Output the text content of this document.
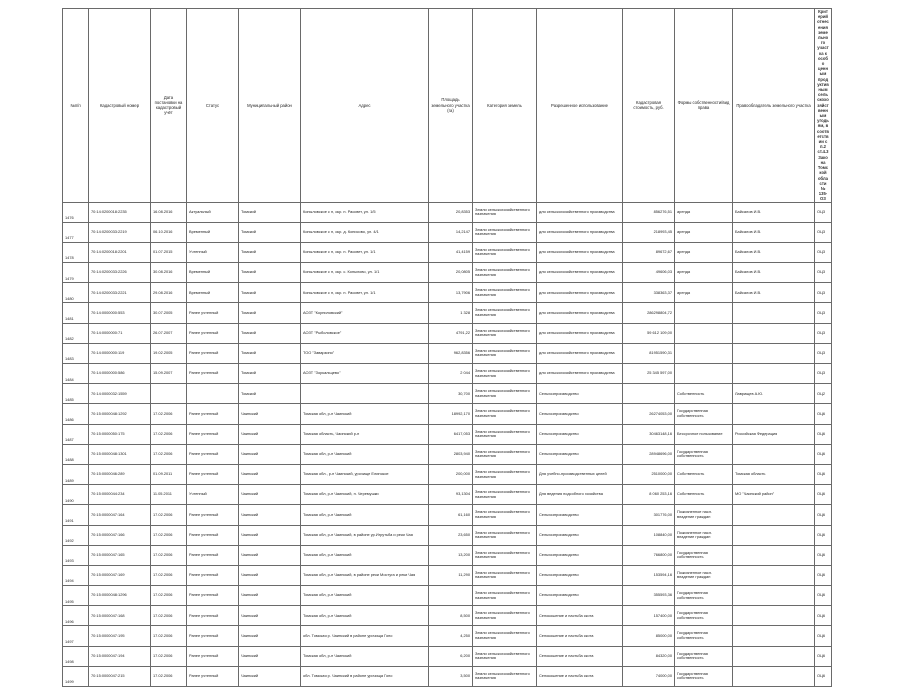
№п/п	Кадастровый номер	Дата постановки на кадастровый учёт	Статус	Муниципальный район	Адрес	Площадь земельного участка (га)	Категория земель	Разрешенное использование	Кадастровая стоимость, руб.	Формы собственности/вид права	Правообладатель земельного участка	Критерий отнесения земельного участка к особо ценным продуктивным сельскохозяйственным угодьям, в соответствии с п.2 ст.4.3 Закона Томской области № 135-ОЗ
1476	70:14:0200018:2235	16.08.2016	Актуальный	Томский	Копыловское с п, окр. п. Рассвет, ул. 1/5	20,8353	Земли сельскохозяйственного назначения	для сельскохозяйственного производства	856276,51	аренда	Байсалов И.В.	ОЦ3
1477	70:14:0200033:2219	06.10.2016	Временный	Томский	Копыловское с п, окр. д. Кописово, ул. 4/1	14,2147	Земли сельскохозяйственного назначения	для сельскохозяйственного производства	218993,45	аренда	Байсалов И.В.	ОЦ3
1478	70:14:0200018:2201	01.07.2015	Учтенный	Томский	Копыловское с п, окр. п. Рассвет, ул. 1/1	41,4159	Земли сельскохозяйственного назначения	для сельскохозяйственного производства	89672,67	аренда	Байсалов И.В.	ОЦ3
1479	70:14:0200033:2226	30.08.2016	Временный	Томский	Копыловское с п, окр. с. Копылово, ул. 1/1	20,0805	Земли сельскохозяйственного назначения	для сельскохозяйственного производства	49606,03	аренда	Байсалов И.В.	ОЦ3
1480	70:14:0200033:2221	29.08.2016	Временный	Томский	Копыловское с п, окр. п. Рассвет, ул. 1/1	13,7906	Земли сельскохозяйственного назначения	для сельскохозяйственного производства	338363,37	аренда	Байсалов И.В.	ОЦ3
1481	70:14:0000000:553	30.07.2005	Ранее учтенный	Томский	АОЗТ "Корниловский"	1 328	Земли сельскохозяйственного назначения	для сельскохозяйственного производства	286298804,72			ОЦ3
1482	70:14:0000000:71	26.07.2007	Ранее учтенный	Томский	АОЗТ "Рыболовское"	4791,22	Земли сельскохозяйственного назначения	для сельскохозяйственного производства	59 612 109,00			ОЦ3
1483	70:14:0000000:119	19.02.2005	Ранее учтенный	Томский	ТОО "Заварзино"	962,8356	Земли сельскохозяйственного назначения	для сельскохозяйственного производства	81951590,31			ОЦ3
1484	70:14:0000000:586	15.09.2007	Ранее учтенный	Томский	АОЗТ "Зоркальцево"	2 044	Земли сельскохозяйственного назначения	для сельскохозяйственного производства	25 345 597,00			ОЦ3
1485	70:14:0000032:1559			Томский		30,700	Земли сельскохозяйственного назначения	Сельхозпроизводство		Собственность	Лаврищев А.Ю.	ОЦ2
1486	70:15:0000048:1292	17.02.2006	Ранее учтенный	Чаинский	Томская обл, р-н Чаинский	18992,170	Земли сельскохозяйственного назначения	Сельхозпроизводство	26274053,00	Государственная собственность		ОЦ6
1487	70:15:0000050:175	17.02.2006	Ранее учтенный	Чаинский	Томская область, Чаинский р-н	6417,053	Земли сельскохозяйственного назначения	Сельхозпроизводство	30463148,16	Бессрочное пользование	Российская Федерация	ОЦ6
1488	70:15:0000048:1301	17.02.2006	Ранее учтенный	Чаинский	Томская обл, р-н Чаинский	2803,940	Земли сельскохозяйственного назначения	Сельхозпроизводство	28948696,00	Государственная собственность		ОЦ6
1489	70:15:0000046:289	01.09.2011	Ранее учтенный	Чаинский	Томская обл., р-н Чаинский, урочище Елинское	200,000	Земли сельскохозяйственного назначения	Для учебно-производственных целей	2510000,00	Собственность	Томская область	ОЦ6
1490	70:15:0000044:234	11.05.2011	Учтенный	Чаинский	Томская обл, р-н Чаинский, п. Черемушки	93,1304	Земли сельскохозяйственного назначения	Для ведения подсобного хозяйства	8 060 253,16	Собственность	МО "Чаинский район"	ОЦ6
1491	70:15:0000047:164	17.02.2006	Ранее учтенный	Чаинский	Томская обл, р-н Чаинский	61,160	Земли сельскохозяйственного назначения	Сельхозпроизводство	301776,00	Пожизненное насл. владение граждан		ОЦ6
1492	70:15:0000047:166	17.02.2006	Ранее учтенный	Чаинский	Томская обл, р-н Чаинский, в районе ур.Игрутьба и реки Чая	23,650	Земли сельскохозяйственного назначения	Сельхозпроизводство	108840,00	Пожизненное насл. владение граждан		ОЦ6
1493	70:15:0000047:165	17.02.2006	Ранее учтенный	Чаинский	Томская обл, р-н Чаинский	13,200	Земли сельскохозяйственного назначения	Сельхозпроизводство	766800,00	Государственная собственность		ОЦ6
1494	70:15:0000047:169	17.02.2006	Ранее учтенный	Чаинский	Томская обл, р-н Чаинский, в районе реки Мостуга и реки Чая	11,290	Земли сельскохозяйственного назначения	Сельхозпроизводство	153594,16	Пожизненное насл. владение граждан		ОЦ6
1495	70:15:0000048:1296	17.02.2006	Ранее учтенный	Чаинский	Томская обл, р-н Чаинский		Земли сельскохозяйственного назначения	Сельхозпроизводство	355593,36	Государственная собственность		ОЦ6
1496	70:15:0000047:168	17.02.2006	Ранее учтенный	Чаинский	Томская обл, р-н Чаинский	8,500	Земли сельскохозяйственного назначения	Сенокошение и пастьба скота	157400,00	Государственная собственность		ОЦ6
1497	70:15:0000047:195	17.02.2006	Ранее учтенный	Чаинский	обл. Томская р. Чаинский в районе урочища Гоно	4,250	Земли сельскохозяйственного назначения	Сенокошение и пастьба скота	85000,00	Государственная собственность		ОЦ6
1498	70:15:0000047:194	17.02.2006	Ранее учтенный	Чаинский	Томская обл, р-н Чаинский	6,200	Земли сельскохозяйственного назначения	Сенокошение и пастьба скота	84320,00	Государственная собственность		ОЦ6
1499	70:15:0000047:215	17.02.2006	Ранее учтенный	Чаинский	обл. Томская р. Чаинский в районе урочища Гоно	3,500	Земли сельскохозяйственного назначения	Сенокошение и пастьба скота	74000,00	Государственная собственность		ОЦ6
